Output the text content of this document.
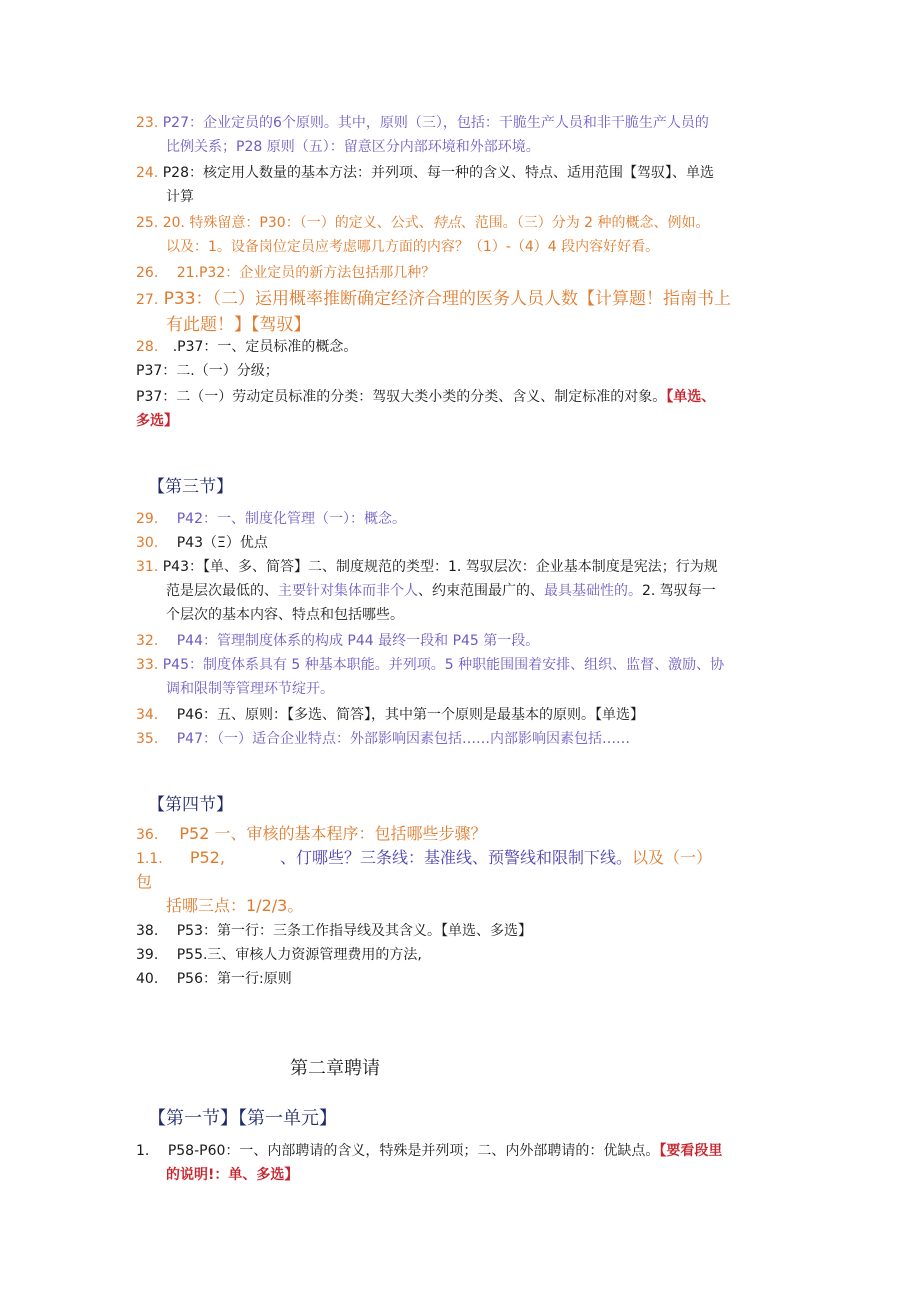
23. P27：企业定员的6个原则。其中，原则（三），包括：干脆生产人员和非干脆生产人员的
比例关系；P28 原则（五）：留意区分内部环境和外部环境。
24. P28：核定用人数量的基本方法：并列项、每一种的含义、特点、适用范围【驾驭】、单选
计算
25. 20. 特殊留意：P30：（一）的定义、公式、特点、范围。（三）分为 2 种的概念、例如。
以及：1。设备岗位定员应考虑哪几方面的内容？（1）-（4）4 段内容好好看。
26. 21.P32：企业定员的新方法包括那几种？
27. P33：（二）运用概率推断确定经济合理的医务人员人数【计算题！指南书上
有此题！】【驾驭】
28. .P37：一、定员标准的概念。
P37：二.（一）分级；
P37：二（一）劳动定员标准的分类：驾驭大类小类的分类、含义、制定标准的对象。【单选、
多选】
【第三节】
29. P42：一、制度化管理（一）：概念。
30. P43（Ξ）优点
31. P43：【单、多、简答】二、制度规范的类型：1. 驾驭层次：企业基本制度是宪法；行为规
范是层次最低的、主要针对集体而非个人、约束范围最广的、最具基础性的。2. 驾驭每一
个层次的基本内容、特点和包括哪些。
32. P44：管理制度体系的构成 P44 最终一段和 P45 第一段。
33. P45：制度体系具有 5 种基本职能。并列项。5 种职能围围着安排、组织、监督、激励、协
调和限制等管理环节绽开。
34. P46：五、原则：【多选、简答】，其中第一个原则是最基本的原则。【单选】
35. P47：（一）适合企业特点：外部影响因素包括……内部影响因素包括……
【第四节】
36. P52 一、审核的基本程序：包括哪些步骤？
1.1. P52,	、仃哪些？三条线：基准线、预警线和限制下线。以及（一）
包
括哪三点：1/2/3。
38. P53：第一行：三条工作指导线及其含义。【单选、多选】
39. P55.三、审核人力资源管理费用的方法,
40. P56：第一行:原则
第二章聘请
【第一节】【第一单元】
1. P58-P60：一、内部聘请的含义，特殊是并列项；二、内外部聘请的：优缺点。【要看段里
的说明!：单、多选】
